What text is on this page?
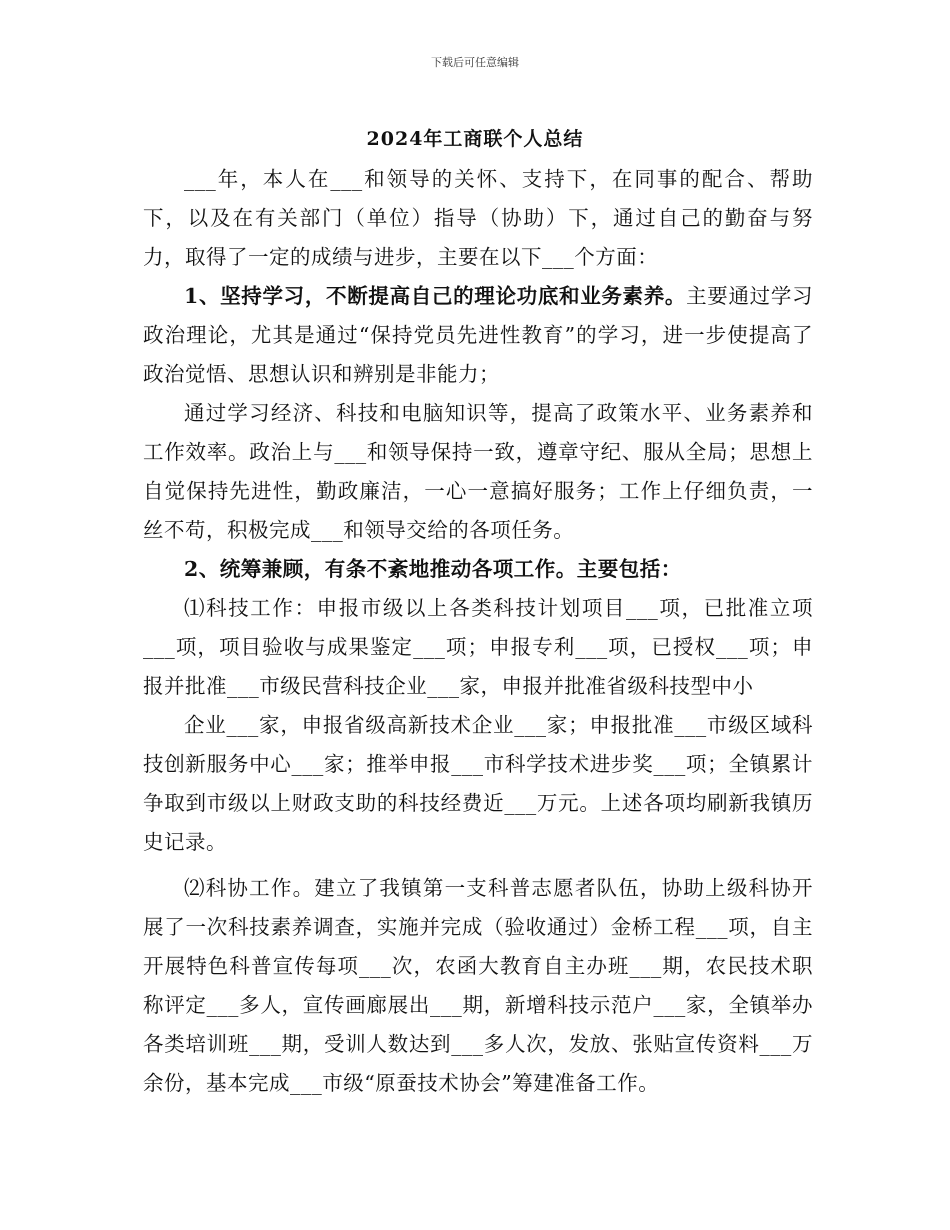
下载后可任意编辑
2024年工商联个人总结

___年，本人在___和领导的关怀、支持下，在同事的配合、帮助下，以及在有关部门（单位）指导（协助）下，通过自己的勤奋与努力，取得了一定的成绩与进步，主要在以下___个方面：

1、坚持学习，不断提高自己的理论功底和业务素养。主要通过学习政治理论，尤其是通过“保持党员先进性教育”的学习，进一步使提高了政治觉悟、思想认识和辨别是非能力；

通过学习经济、科技和电脑知识等，提高了政策水平、业务素养和工作效率。政治上与___和领导保持一致，遵章守纪、服从全局；思想上自觉保持先进性，勤政廉洁，一心一意搞好服务；工作上仔细负责，一丝不苟，积极完成___和领导交给的各项任务。

2、统筹兼顾，有条不紊地推动各项工作。主要包括：

⑴科技工作：申报市级以上各类科技计划项目___项，已批准立项___项，项目验收与成果鉴定___项；申报专利___项，已授权___项；申报并批准___市级民营科技企业___家，申报并批准省级科技型中小

企业___家，申报省级高新技术企业___家；申报批准___市级区域科技创新服务中心___家；推举申报___市科学技术进步奖___项；全镇累计争取到市级以上财政支助的科技经费近___万元。上述各项均刷新我镇历史记录。

⑵科协工作。建立了我镇第一支科普志愿者队伍，协助上级科协开展了一次科技素养调查，实施并完成（验收通过）金桥工程___项，自主开展特色科普宣传每项___次，农函大教育自主办班___期，农民技术职称评定___多人，宣传画廊展出___期，新增科技示范户___家，全镇举办各类培训班___期，受训人数达到___多人次，发放、张贴宣传资料___万余份，基本完成___市级“原蚕技术协会”筹建准备工作。
